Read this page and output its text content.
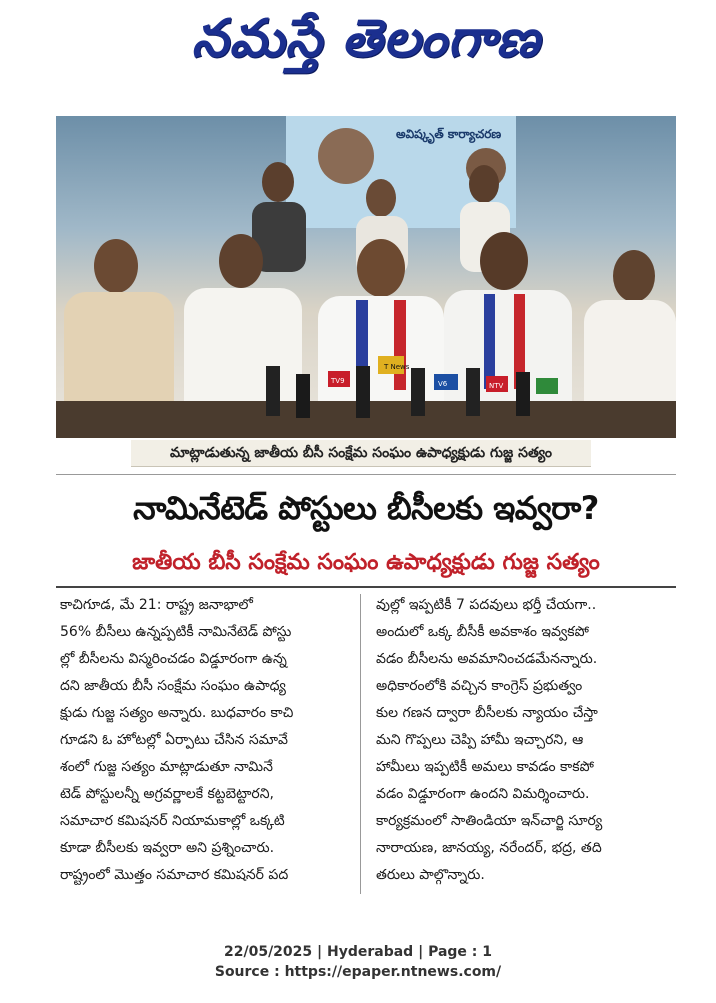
నమస్తే తెలంగాణ
అవిష్కృత్ కార్యాచరణ
T News
TV9	V6	NTV
మాట్లాడుతున్న జాతీయ బీసీ సంక్షేమ సంఘం ఉపాధ్యక్షుడు గుజ్జ సత్యం
నామినేటెడ్ పోస్టులు బీసీలకు ఇవ్వరా?
జాతీయ బీసీ సంక్షేమ సంఘం ఉపాధ్యక్షుడు గుజ్జ సత్యం
కాచిగూడ, మే 21: రాష్ట్ర జనాభాలో
56% బీసీలు ఉన్నప్పటికీ నామినేటెడ్ పోస్టు
ల్లో బీసీలను విస్మరించడం విడ్డూరంగా ఉన్న
దని జాతీయ బీసీ సంక్షేమ సంఘం ఉపాధ్య
క్షుడు గుజ్జ సత్యం అన్నారు. బుధవారం కాచి
గూడని ఓ హోటల్లో ఏర్పాటు చేసిన సమావే
శంలో గుజ్జ సత్యం మాట్లాడుతూ నామినే
టెడ్ పోస్టులన్నీ అగ్రవర్ణాలకే కట్టబెట్టారని,
సమాచార కమిషనర్ నియామకాల్లో ఒక్కటి
కూడా బీసీలకు ఇవ్వరా అని ప్రశ్నించారు.
రాష్ట్రంలో మొత్తం సమాచార కమిషనర్ పద
వుల్లో ఇప్పటికీ 7 పదవులు భర్తీ చేయగా..
అందులో ఒక్క బీసీకీ అవకాశం ఇవ్వకపో
వడం బీసీలను అవమానించడమేనన్నారు.
అధికారంలోకి వచ్చిన కాంగ్రెస్ ప్రభుత్వం
కుల గణన ద్వారా బీసీలకు న్యాయం చేస్తా
మని గొప్పలు చెప్పి హామీ ఇచ్చారని, ఆ
హామీలు ఇప్పటికీ అమలు కావడం కాకపో
వడం విడ్డూరంగా ఉందని విమర్శించారు.
కార్యక్రమంలో సాతిండియా ఇన్‌చార్జి సూర్య
నారాయణ, జానయ్య, నరేందర్, భద్ర, తది
తరులు పాల్గొన్నారు.
22/05/2025 | Hyderabad | Page : 1
Source : https://epaper.ntnews.com/
